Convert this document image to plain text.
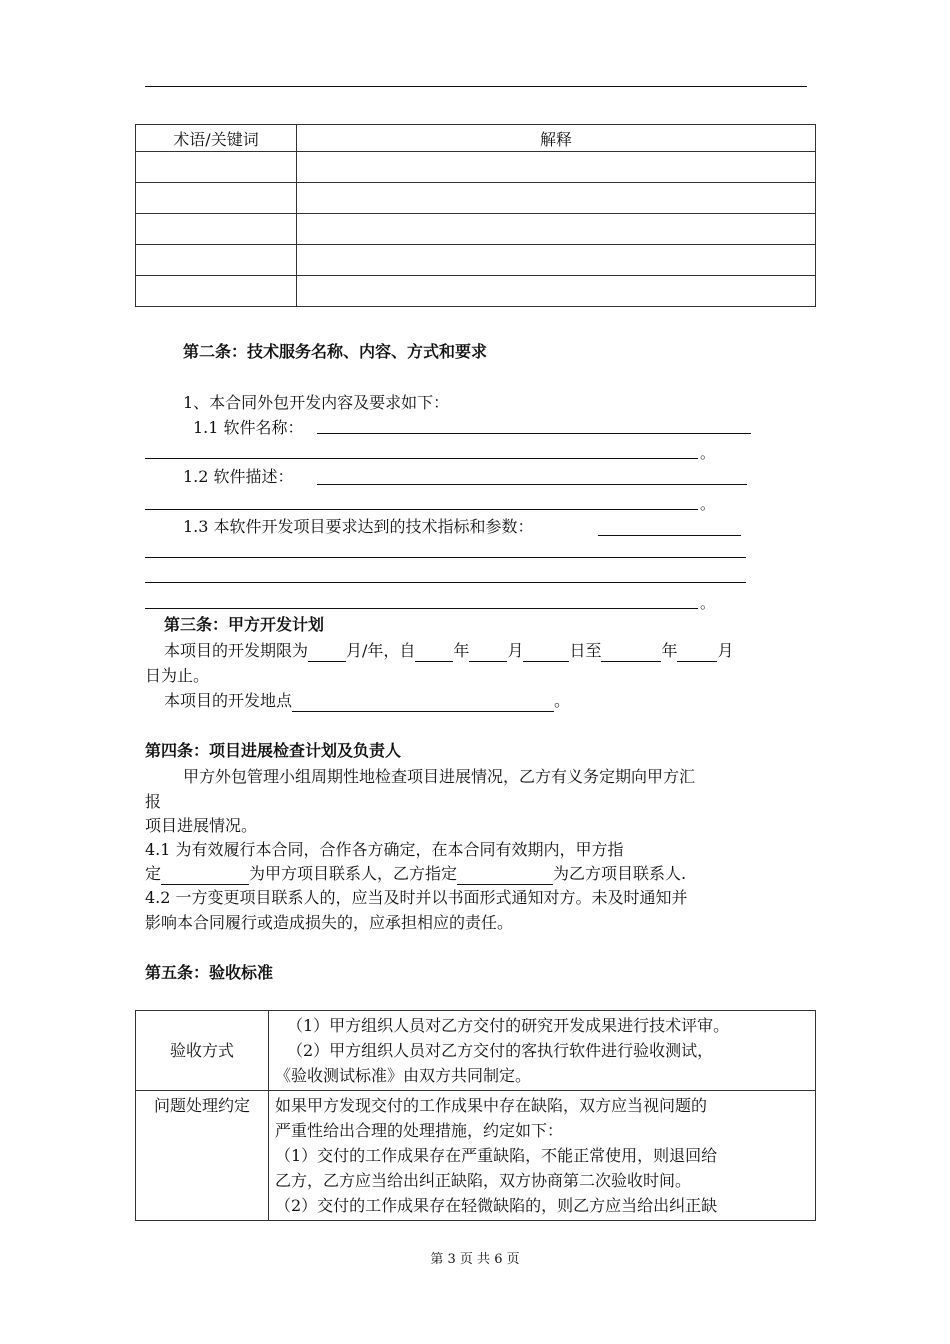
术语/关键词	解释

第二条：技术服务名称、内容、方式和要求
1、本合同外包开发内容及要求如下：
1.1 软件名称：
。
1.2 软件描述：
。
1.3 本软件开发项目要求达到的技术指标和参数：
。
第三条：甲方开发计划
本项目的开发期限为 月/年，自 年 月	日至	年	月
日为止。
本项目的开发地点	。
第四条：项目进展检查计划及负责人
甲方外包管理小组周期性地检查项目进展情况，乙方有义务定期向甲方汇
报
项目进展情况。
4.1 为有效履行本合同，合作各方确定，在本合同有效期内，甲方指
定	为甲方项目联系人，乙方指定	为乙方项目联系人.
4.2 一方变更项目联系人的，应当及时并以书面形式通知对方。未及时通知并
影响本合同履行或造成损失的，应承担相应的责任。
第五条：验收标准
验收方式	（1）甲方组织人员对乙方交付的研究开发成果进行技术评审。
（2）甲方组织人员对乙方交付的客执行软件进行验收测试，
《验收测试标准》由双方共同制定。

问题处理约定	如果甲方发现交付的工作成果中存在缺陷，双方应当视问题的
严重性给出合理的处理措施，约定如下：
（1）交付的工作成果存在严重缺陷，不能正常使用，则退回给
乙方，乙方应当给出纠正缺陷，双方协商第二次验收时间。
（2）交付的工作成果存在轻微缺陷的，则乙方应当给出纠正缺
第 3 页 共 6 页
